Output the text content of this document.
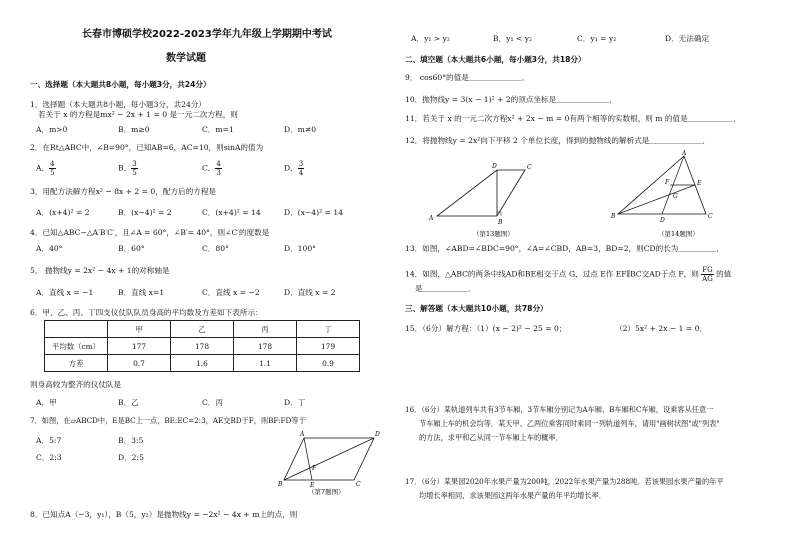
长春市博硕学校2022-2023学年九年级上学期期中考试
数学试题
一、选择题（本大题共8小题，每小题3分，共24分）
1．选择题（本大题共8小题，每小题3分，共24分）
若关于 x 的方程是mx² − 2x + 1 = 0 是一元二次方程，则
A．m>0	B．m≥0	C．m=1	D．m≠0
2．在Rt△ABC中，∠B=90°，已知AB=6，AC=10，则sinA的值为
A． $\frac{4}{5}$	B． $\frac{3}{5}$	C． $\frac{4}{3}$	D． $\frac{3}{4}$
3．用配方法解方程x² − 8x + 2 = 0，配方后的方程是
A．(x+4)² = 2	B．(x−4)² = 2	C．(x+4)² = 14	D．(x−4)² = 14
4．已知△ABC∽△A′B′C′，且∠A = 60°，∠B′= 40°，则∠C′的度数是
A．40°	B．60°	C．80°	D．100°
5． 抛物线y = 2x² − 4x + 1的对称轴是
A．直线 x = −1	B．直线 x=1	C．直线 x = −2	D．直线 x = 2
6．甲、乙、丙、丁四支仪仗队队员身高的平均数及方差如下表所示：
	甲	乙	丙	丁
平均数（cm）	177	178	178	179
方差	0.7	1.6	1.1	0.9
则身高较为整齐的仪仗队是
A．甲	B．乙	C．丙	D．丁
7．如图，在▱ABCD中，E是BC上一点，BE:EC=2:3，AE交BD于F，则BF:FD等于
A．5:7	B．3:5
C．2:3	D．2:5
A	D
B	C
E
F
（第7题图）
8．已知点A（−3，y₁），B（5，y₂）是抛物线y = −2x² − 4x + m上的点，则
A．y₁ > y₂	B．y₁ < y₂	C．y₁ = y₂	D．无法确定
二、填空题（本大题共6小题，每小题3分，共18分）
9． cos60°的值是＿＿＿＿＿＿＿．
10．抛物线y = 3(x − 1)² + 2的顶点坐标是＿＿＿＿＿＿＿．
11．若关于 x 的一元二次方程x² + 2x − m = 0有两个相等的实数根，则 m 的值是＿＿＿＿＿＿．
12．将抛物线y = 2x²向下平移 2 个单位长度，得到的抛物线的解析式是＿＿＿＿＿＿＿．
A
B
C
D
（第13题图）
A
B	C
D
E
F
G
（第14题图）
13．如图，∠ABD=∠BDC=90°，∠A=∠CBD，AB=3，BD=2，则CD的长为＿＿＿＿＿．
14．如图，△ABC的两条中线AD和BE相交于点 G，过点 E作 EF∥BC交AD于点 F，则 $\frac{FG}{AG}$ 的值
是＿＿＿＿＿＿．
三、解答题（本大题共10小题，共78分）
15．（6分）解方程：（1）(x − 2)² − 25 = 0；	（2）5x² + 2x − 1 = 0．
16．（6分）某轨道列车共有3节车厢，3节车厢分别记为A车厢、B车厢和C车厢，设乘客从任意一
节车厢上车的机会均等．某天甲、乙两位乘客同时乘同一列轨道列车，请用"画树状图"或"列表"
的方法，求甲和乙从同一节车厢上车的概率．
17．（6分）某果园2020年水果产量为200吨，2022年水果产量为288吨．若该果园水果产量的年平
均增长率相同，求该果园这两年水果产量的年平均增长率．
